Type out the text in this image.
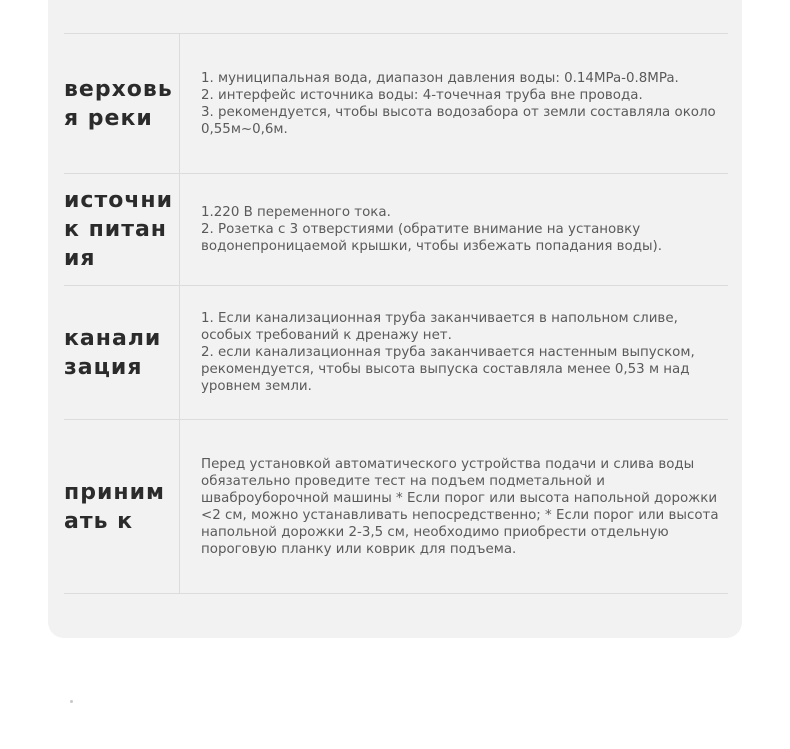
верховья реки

1. муниципальная вода, диапазон давления воды: 0.14MPa-0.8MPa.

2. интерфейс источника воды: 4-точечная труба вне провода.

3. рекомендуется, чтобы высота водозабора от земли составляла около 0,55м~0,6м.

источник питания

1.220 В переменного тока.

2. Розетка с 3 отверстиями (обратите внимание на установку водонепроницаемой крышки, чтобы избежать попадания воды).

канализация

1. Если канализационная труба заканчивается в напольном сливе, особых требований к дренажу нет.

2. если канализационная труба заканчивается настенным выпуском, рекомендуется, чтобы высота выпуска составляла менее 0,53 м над уровнем земли.

принимать к

Перед установкой автоматического устройства подачи и слива воды обязательно проведите тест на подъем подметальной и швабpоуборочной машины * Если порог или высота напольной дорожки <2 см, можно устанавливать непосредственно; * Если порог или высота напольной дорожки 2-3,5 см, необходимо приобрести отдельную пороговую планку или коврик для подъема.
